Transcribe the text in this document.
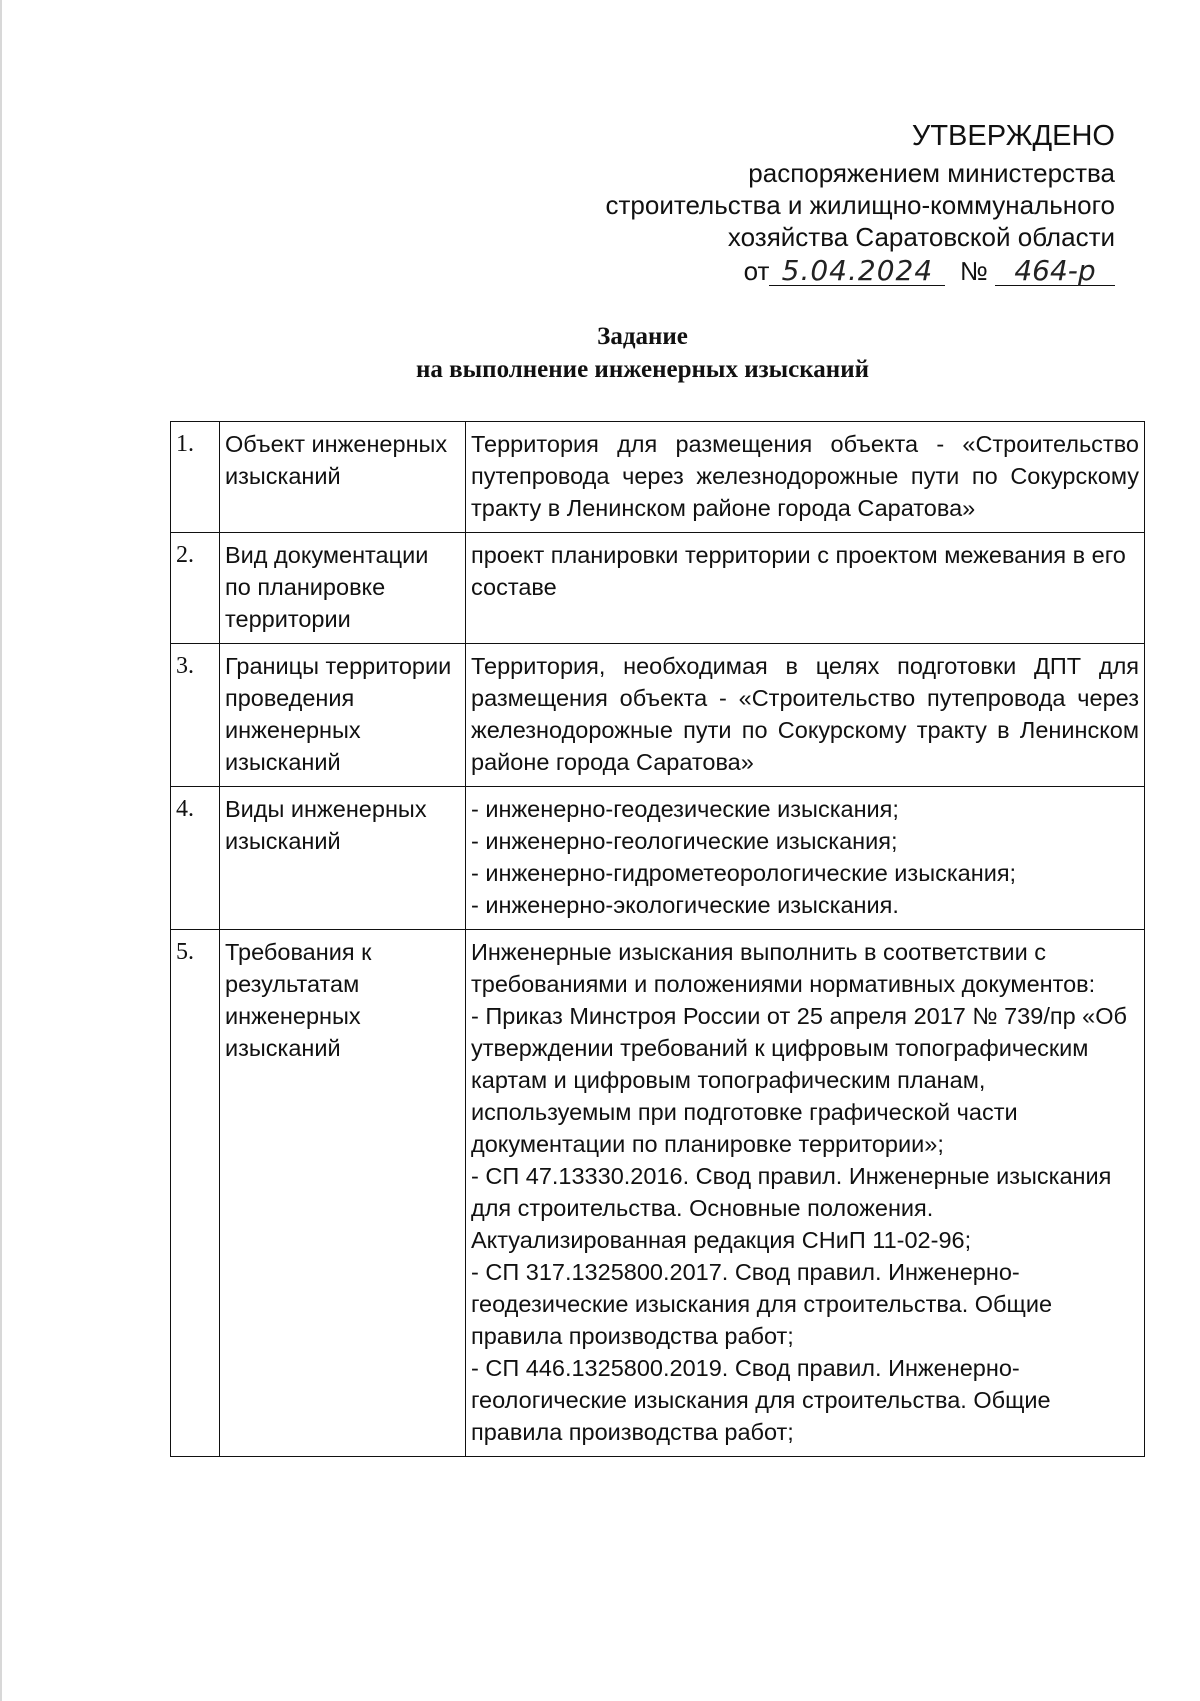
УТВЕРЖДЕНО
распоряжением министерства
строительства и жилищно-коммунального
хозяйства Саратовской области
от 5.04.2024 № 464-р
Задание
на выполнение инженерных изысканий
1.	Объект инженерных изысканий	Территория для размещения объекта - «Строительство путепровода через железнодорожные пути по Сокурскому тракту в Ленинском районе города Саратова»
2.	Вид документации по планировке территории	проект планировки территории с проектом межевания в его составе
3.	Границы территории проведения инженерных изысканий	Территория, необходимая в целях подготовки ДПТ для размещения объекта - «Строительство путепровода через железнодорожные пути по Сокурскому тракту в Ленинском районе города Саратова»
4.	Виды инженерных изысканий	- инженерно-геодезические изыскания;
- инженерно-геологические изыскания;
- инженерно-гидрометеорологические изыскания;
- инженерно-экологические изыскания.

5.	Требования к результатам инженерных изысканий	Инженерные изыскания выполнить в соответствии с требованиями и положениями нормативных документов:
- Приказ Минстроя России от 25 апреля 2017 № 739/пр «Об утверждении требований к цифровым топографическим картам и цифровым топографическим планам, используемым при подготовке графической части документации по планировке территории»;
- СП 47.13330.2016. Свод правил. Инженерные изыскания для строительства. Основные положения. Актуализированная редакция СНиП 11-02-96;
- СП 317.1325800.2017. Свод правил. Инженерно-геодезические изыскания для строительства. Общие правила производства работ;
- СП 446.1325800.2019. Свод правил. Инженерно-геологические изыскания для строительства. Общие правила производства работ;
